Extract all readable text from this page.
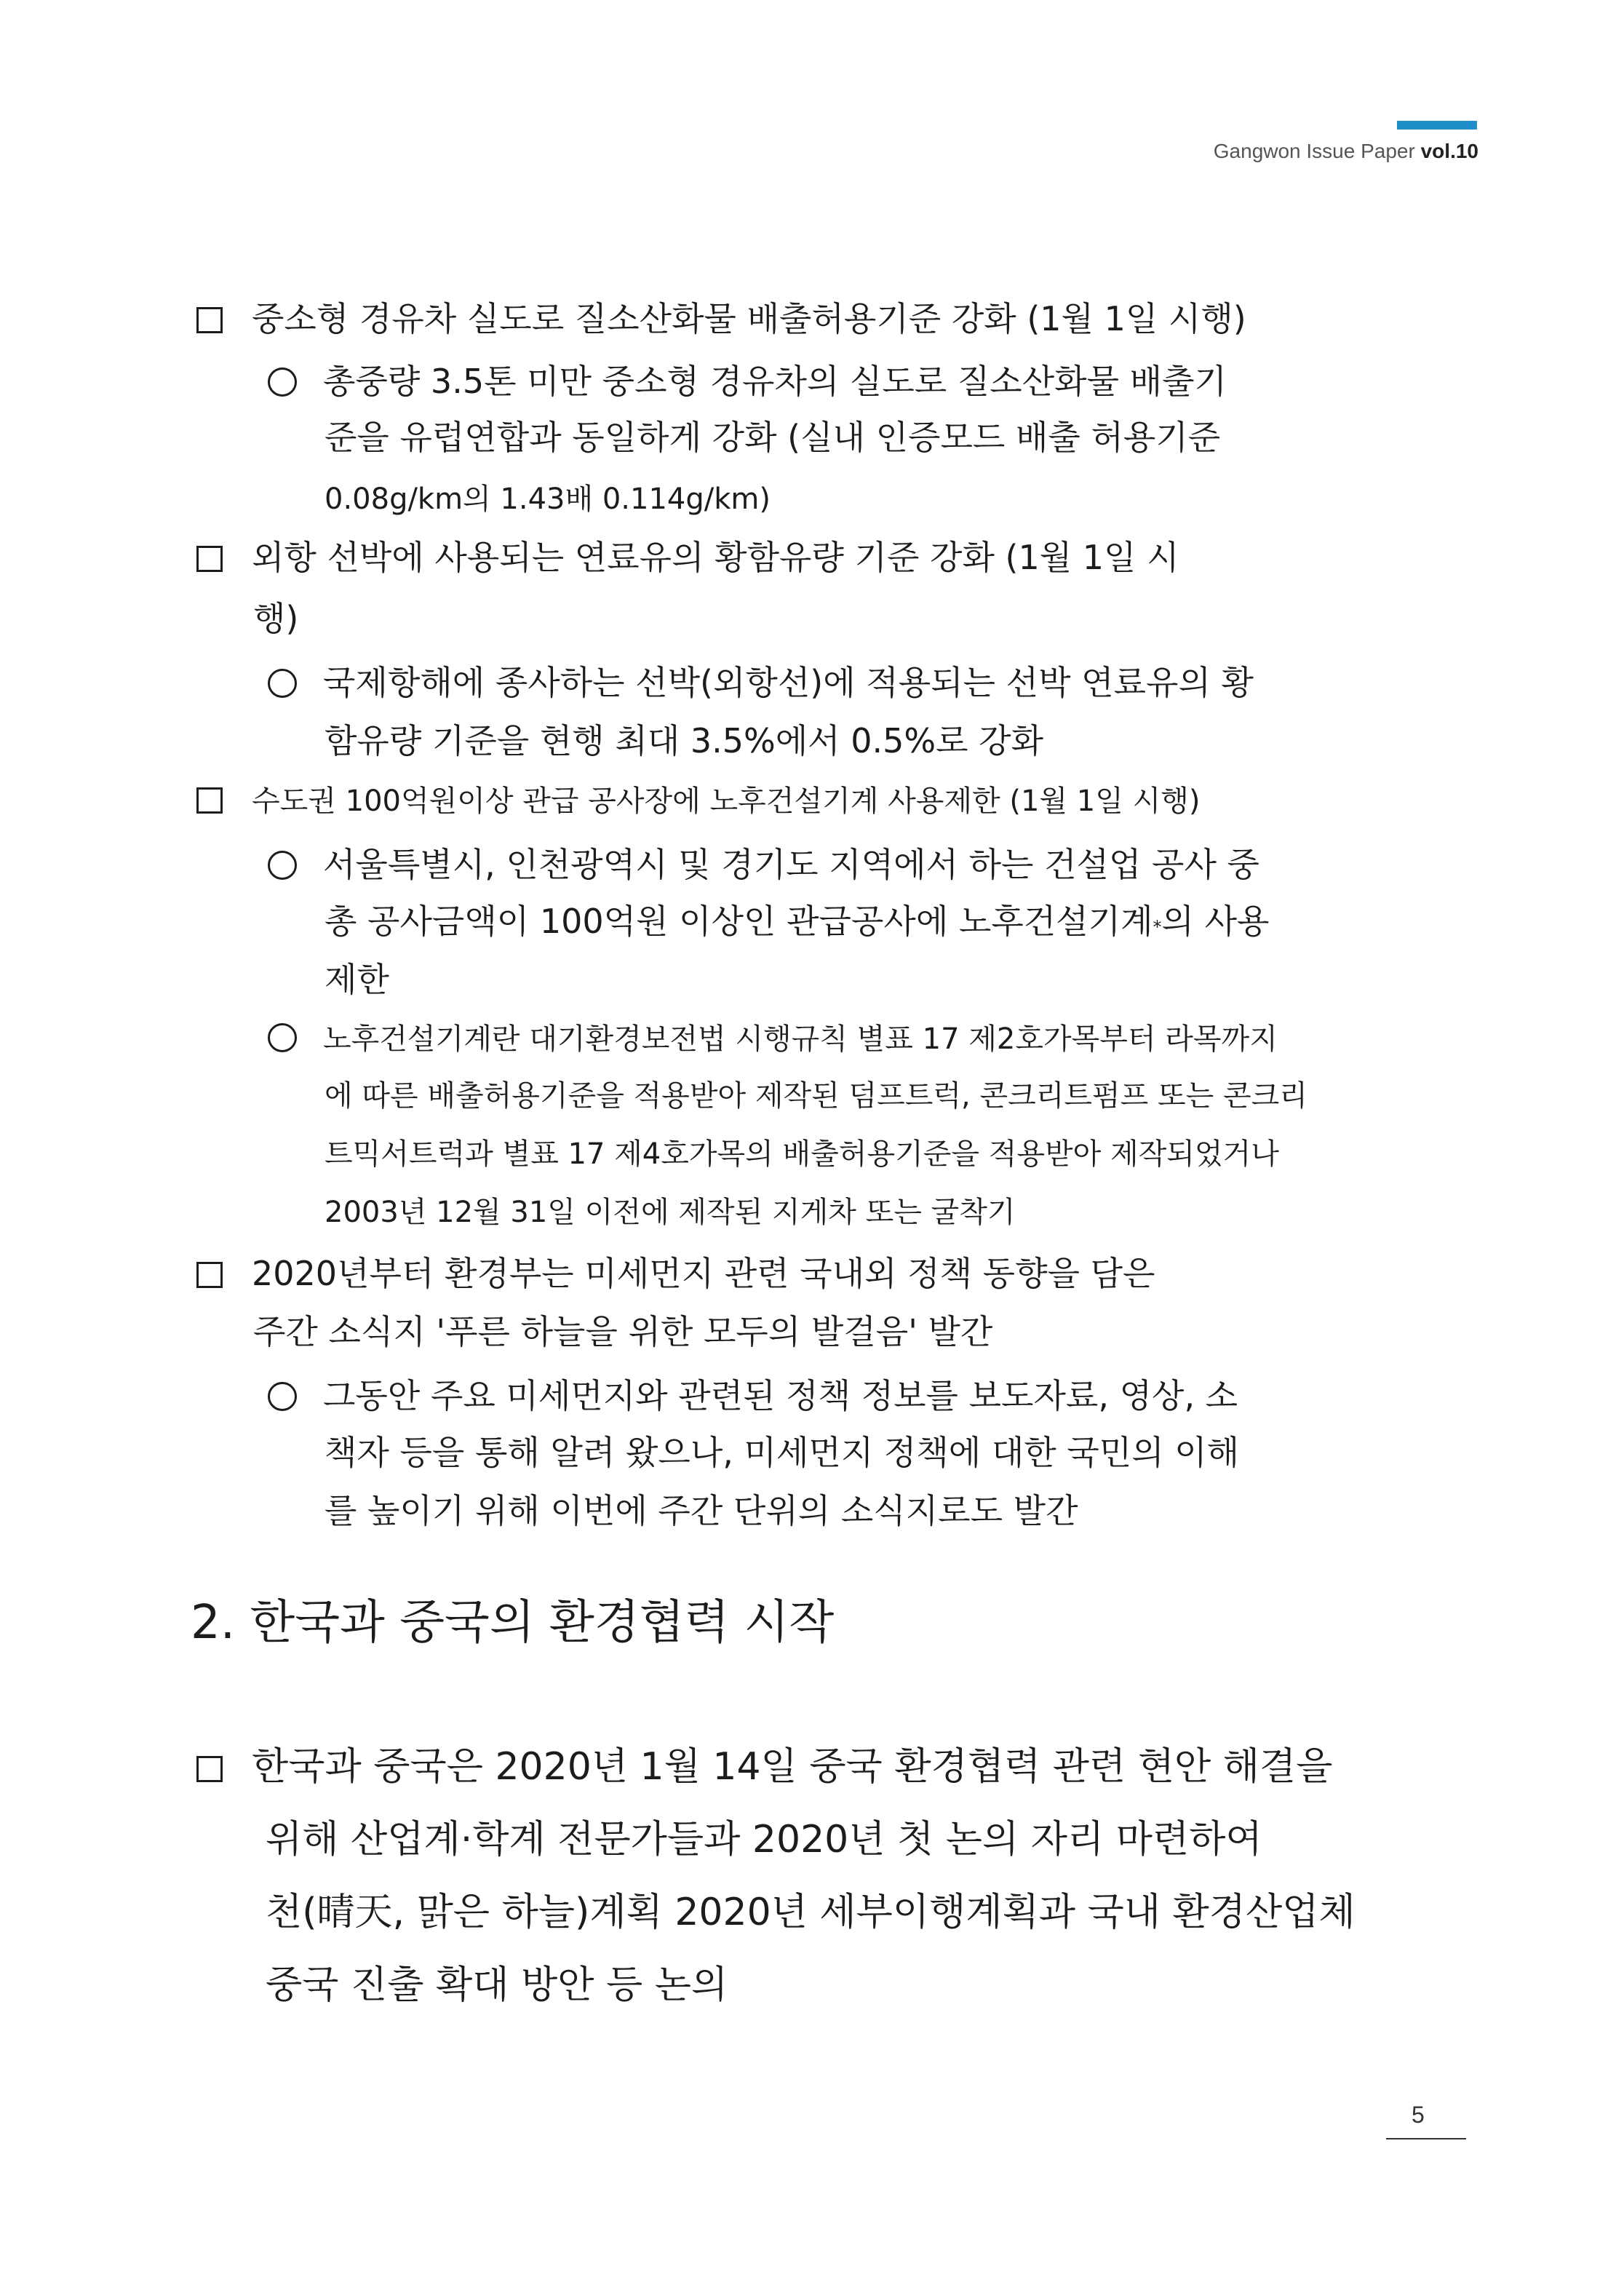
Gangwon Issue Paper vol.10
중소형 경유차 실도로 질소산화물 배출허용기준 강화 (1월 1일 시행)
총중량 3.5톤 미만 중소형 경유차의 실도로 질소산화물 배출기
준을 유럽연합과 동일하게 강화 (실내 인증모드 배출 허용기준
0.08g/km의 1.43배 0.114g/km)
외항 선박에 사용되는 연료유의 황함유량 기준 강화 (1월 1일 시
행)
국제항해에 종사하는 선박(외항선)에 적용되는 선박 연료유의 황
함유량 기준을 현행 최대 3.5%에서 0.5%로 강화
수도권 100억원이상 관급 공사장에 노후건설기계 사용제한 (1월 1일 시행)
서울특별시, 인천광역시 및 경기도 지역에서 하는 건설업 공사 중
총 공사금액이 100억원 이상인 관급공사에 노후건설기계 * 의 사용
제한
노후건설기계란 대기환경보전법 시행규칙 별표 17 제2호가목부터 라목까지
에 따른 배출허용기준을 적용받아 제작된 덤프트럭, 콘크리트펌프 또는 콘크리
트믹서트럭과 별표 17 제4호가목의 배출허용기준을 적용받아 제작되었거나
2003년 12월 31일 이전에 제작된 지게차 또는 굴착기
2020년부터 환경부는 미세먼지 관련 국내외 정책 동향을 담은
주간 소식지 '푸른 하늘을 위한 모두의 발걸음' 발간
그동안 주요 미세먼지와 관련된 정책 정보를 보도자료, 영상, 소
책자 등을 통해 알려 왔으나, 미세먼지 정책에 대한 국민의 이해
를 높이기 위해 이번에 주간 단위의 소식지로도 발간
2. 한국과 중국의 환경협력 시작
한국과 중국은 2020년 1월 14일 중국 환경협력 관련 현안 해결을
위해 산업계·학계 전문가들과 2020년 첫 논의 자리 마련하여
천(晴天, 맑은 하늘)계획 2020년 세부이행계획과 국내 환경산업체
중국 진출 확대 방안 등 논의
5
